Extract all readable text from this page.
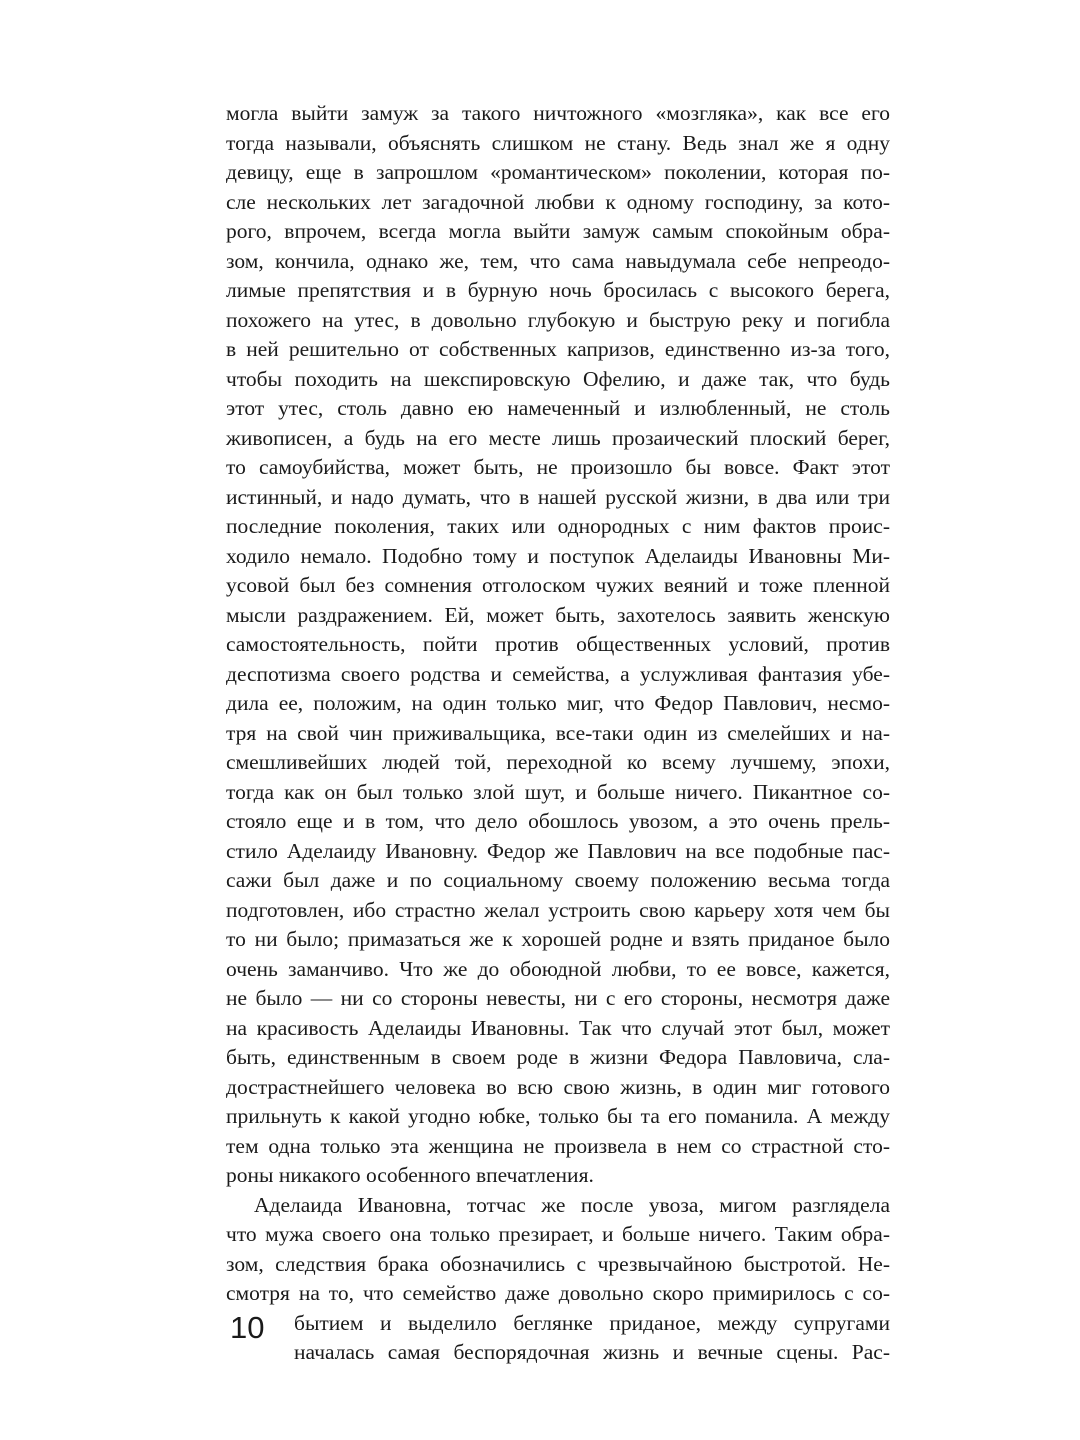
могла выйти замуж за такого ничтожного «мозгляка», как все его
тогда называли, объяснять слишком не стану. Ведь знал же я одну
девицу, еще в запрошлом «романтическом» поколении, которая по-
сле нескольких лет загадочной любви к одному господину, за кото-
рого, впрочем, всегда могла выйти замуж самым спокойным обра-
зом, кончила, однако же, тем, что сама навыдумала себе непреодо-
лимые препятствия и в бурную ночь бросилась с высокого берега,
похожего на утес, в довольно глубокую и быструю реку и погибла
в ней решительно от собственных капризов, единственно из-за того,
чтобы походить на шекспировскую Офелию, и даже так, что будь
этот утес, столь давно ею намеченный и излюбленный, не столь
живописен, а будь на его месте лишь прозаический плоский берег,
то самоубийства, может быть, не произошло бы вовсе. Факт этот
истинный, и надо думать, что в нашей русской жизни, в два или три
последние поколения, таких или однородных с ним фактов проис-
ходило немало. Подобно тому и поступок Аделаиды Ивановны Ми-
усовой был без сомнения отголоском чужих веяний и тоже пленной
мысли раздражением. Ей, может быть, захотелось заявить женскую
самостоятельность, пойти против общественных условий, против
деспотизма своего родства и семейства, а услужливая фантазия убе-
дила ее, положим, на один только миг, что Федор Павлович, несмо-
тря на свой чин приживальщика, все-таки один из смелейших и на-
смешливейших людей той, переходной ко всему лучшему, эпохи,
тогда как он был только злой шут, и больше ничего. Пикантное со-
стояло еще и в том, что дело обошлось увозом, а это очень прель-
стило Аделаиду Ивановну. Федор же Павлович на все подобные пас-
сажи был даже и по социальному своему положению весьма тогда
подготовлен, ибо страстно желал устроить свою карьеру хотя чем бы
то ни было; примазаться же к хорошей родне и взять приданое было
очень заманчиво. Что же до обоюдной любви, то ее вовсе, кажется,
не было — ни со стороны невесты, ни с его стороны, несмотря даже
на красивость Аделаиды Ивановны. Так что случай этот был, может
быть, единственным в своем роде в жизни Федора Павловича, сла-
дострастнейшего человека во всю свою жизнь, в один миг готового
прильнуть к какой угодно юбке, только бы та его поманила. А между
тем одна только эта женщина не произвела в нем со страстной сто-
роны никакого особенного впечатления.
Аделаида Ивановна, тотчас же после увоза, мигом разглядела
что мужа своего она только презирает, и больше ничего. Таким обра-
зом, следствия брака обозначились с чрезвычайною быстротой. Не-
смотря на то, что семейство даже довольно скоро примирилось с со-
бытием и выделило беглянке приданое, между супругами
началась самая беспорядочная жизнь и вечные сцены. Рас-
10
